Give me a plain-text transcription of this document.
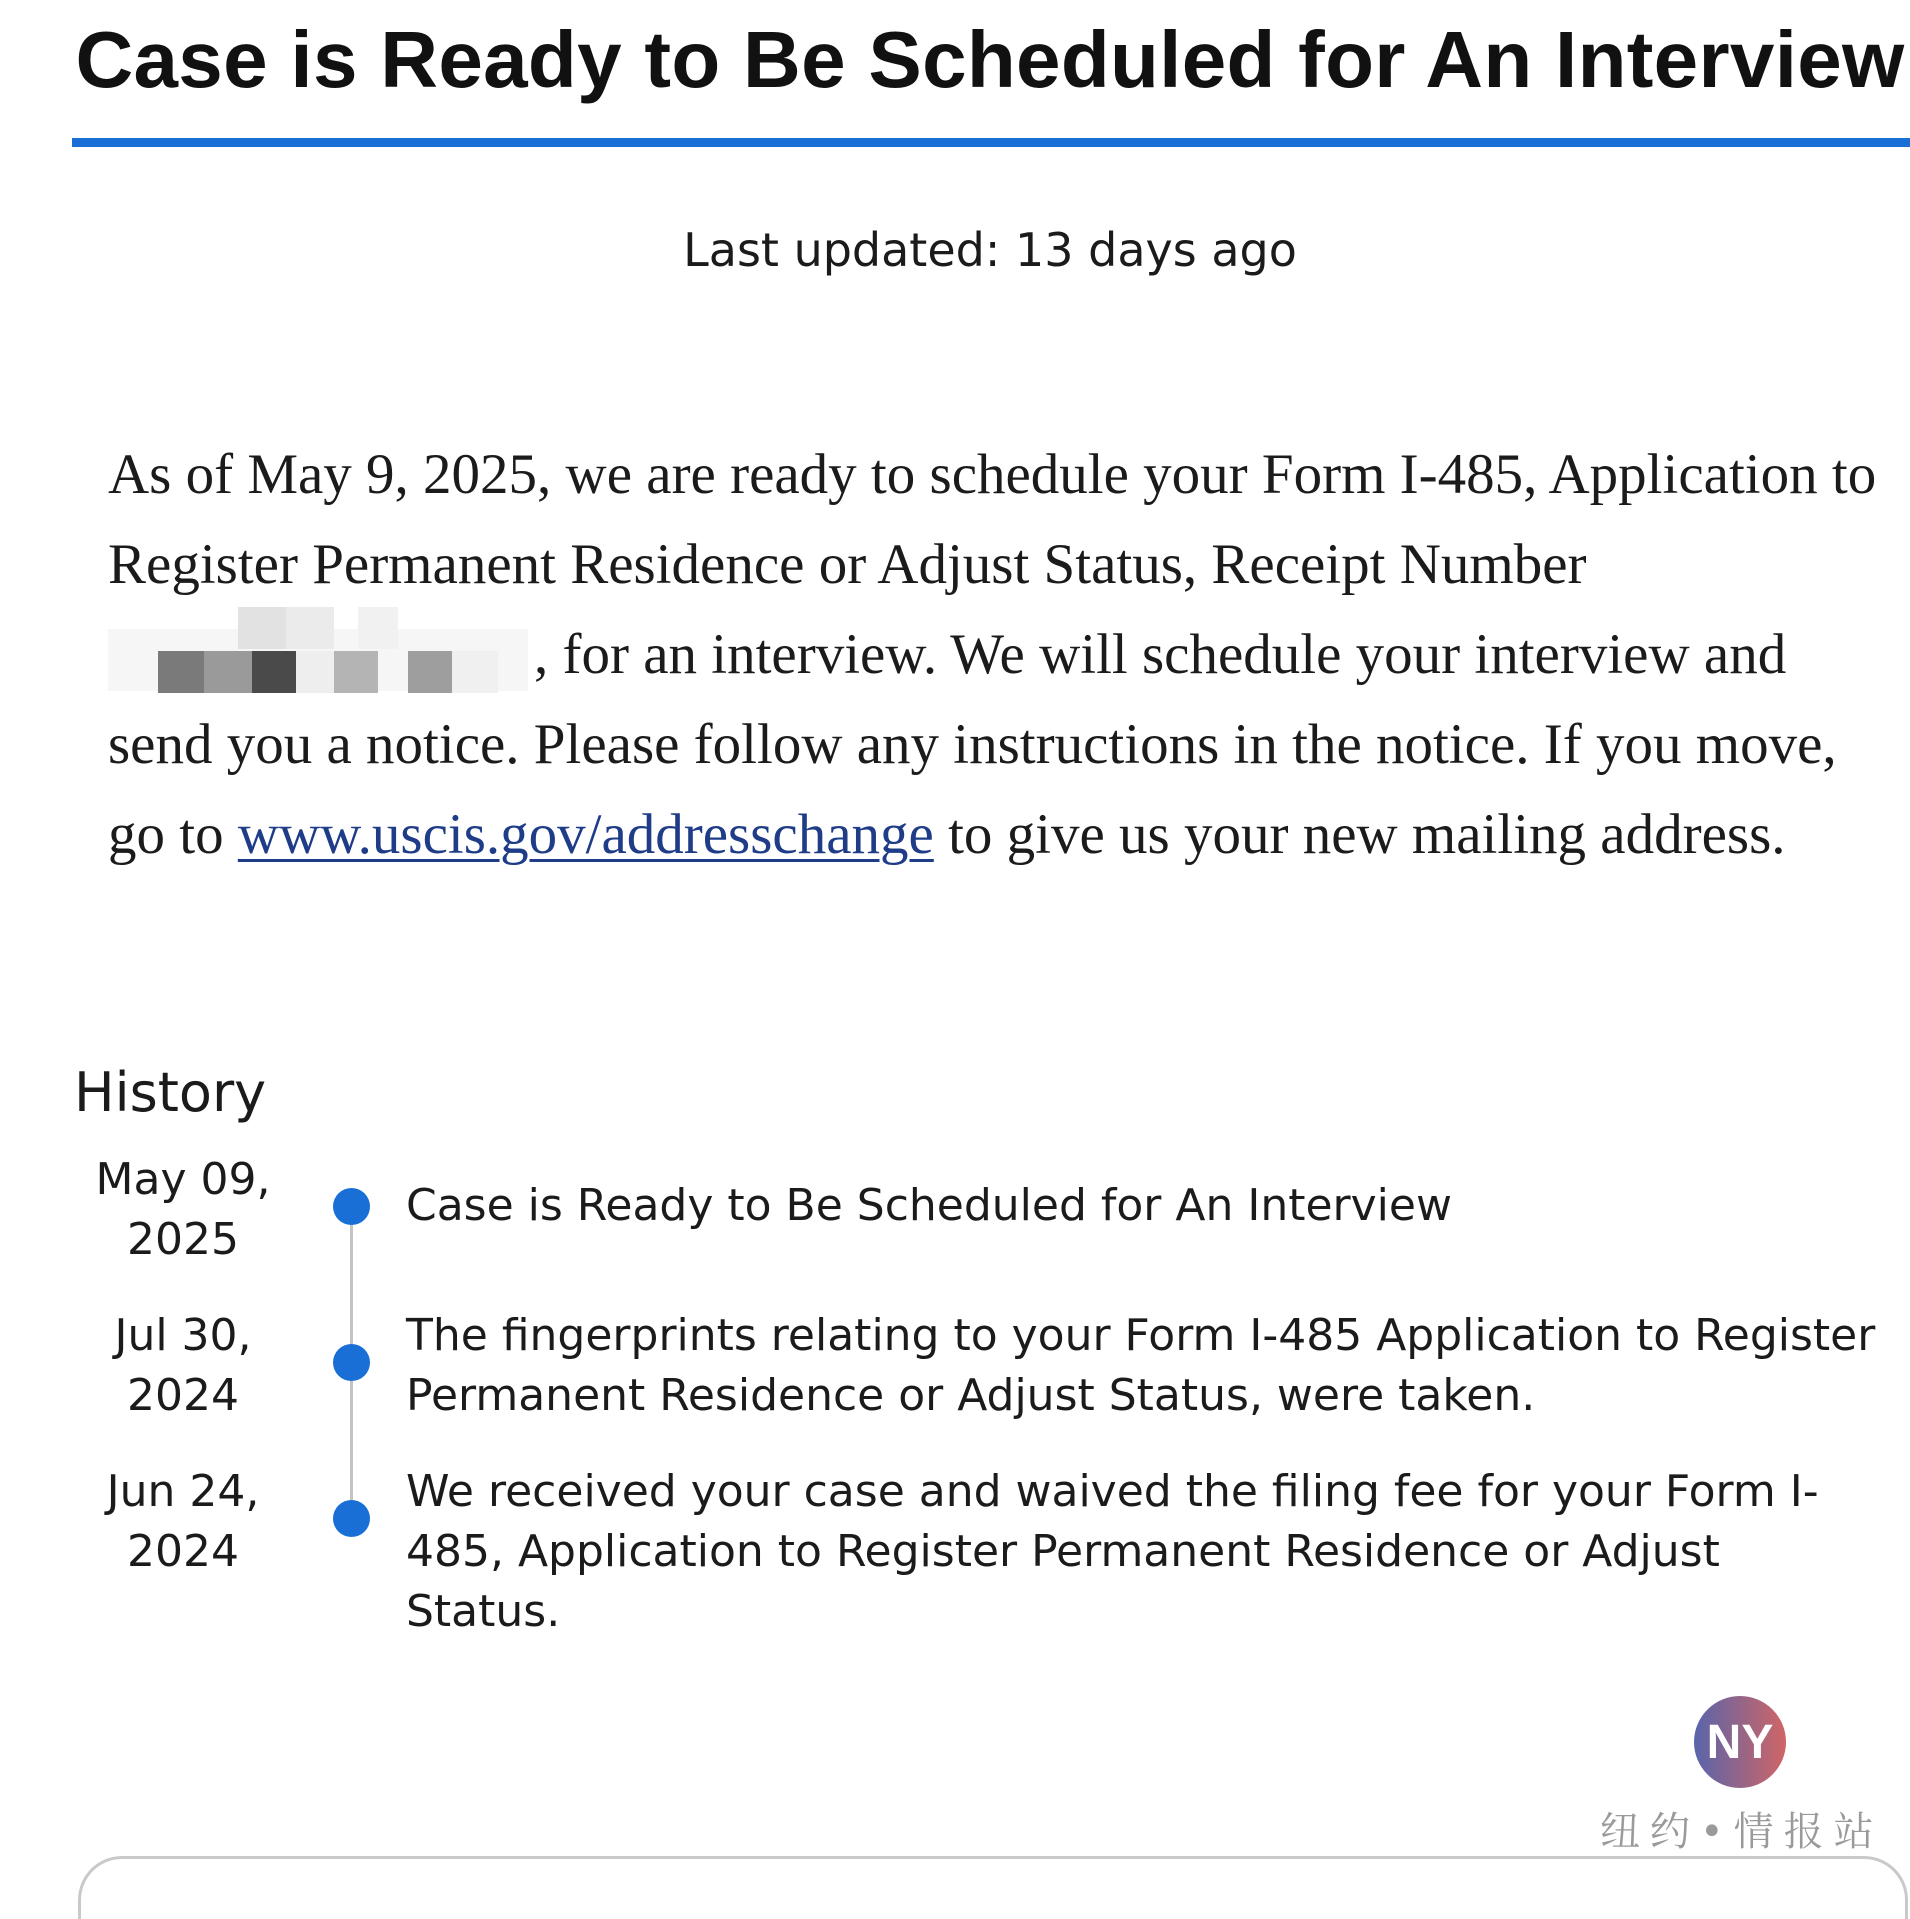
Case is Ready to Be Scheduled for An Interview
Last updated: 13 days ago

As of May 9, 2025, we are ready to schedule your Form I-485, Application to Register Permanent Residence or Adjust Status, Receipt Number
, for an interview. We will schedule your interview and send you a notice. Please follow any instructions in the notice. If you move, go to www.uscis.gov/addresschange to give us your new mailing address.

History
May 09,
2025
Case is Ready to Be Scheduled for An Interview
Jul 30,
2024
The fingerprints relating to your Form I-485 Application to Register Permanent Residence or Adjust Status, were taken.
Jun 24,
2024
We received your case and waived the filing fee for your Form I-485, Application to Register Permanent Residence or Adjust Status.
NY
纽约•情报站
